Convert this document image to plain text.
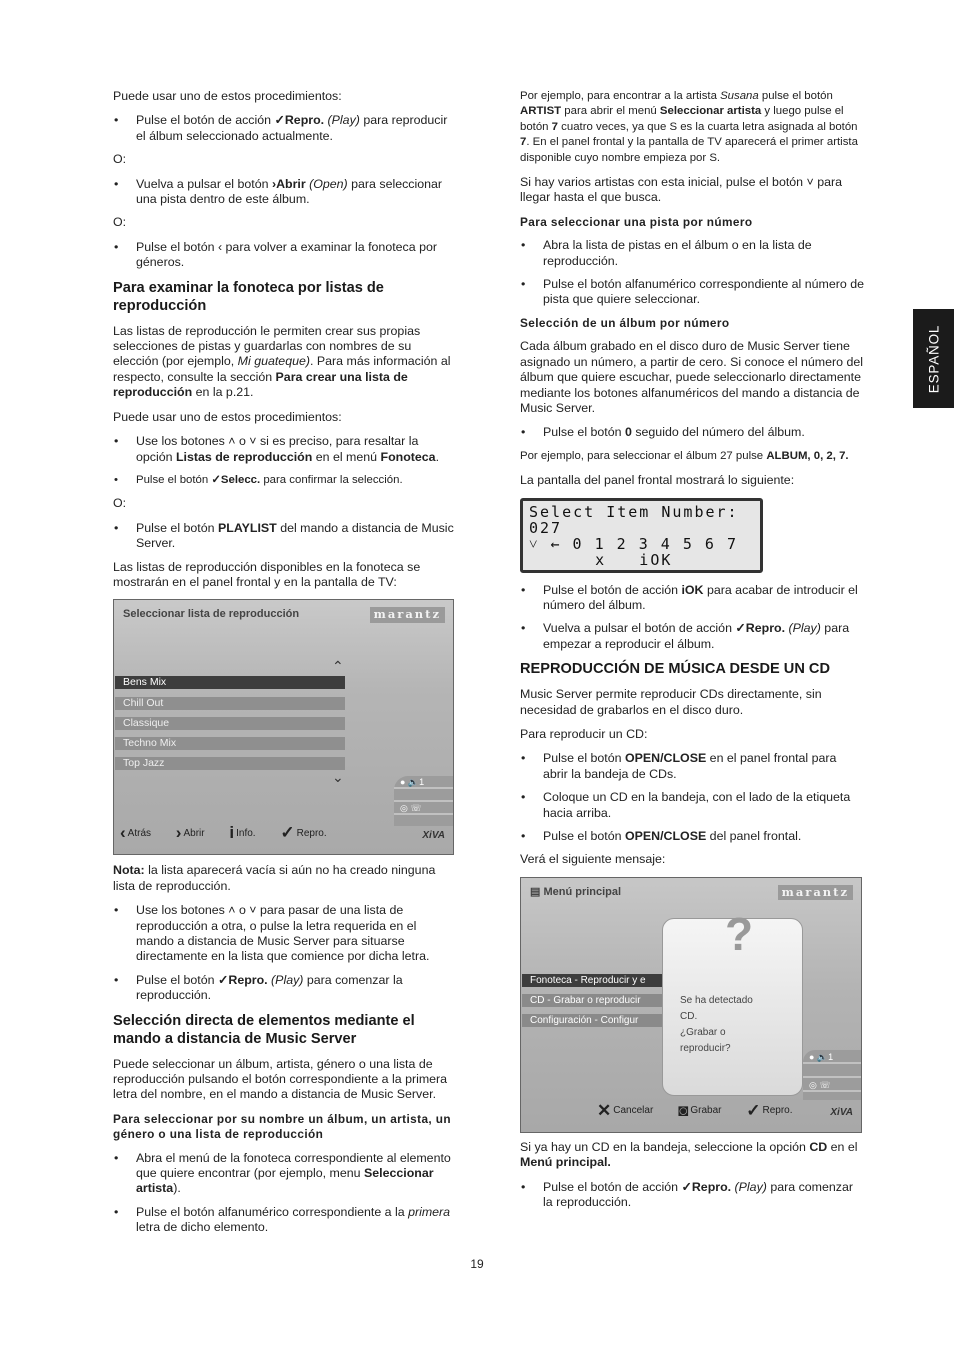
ESPAÑOL
Puede usar uno de estos procedimientos:
• Pulse el botón de acción ✓Repro. (Play) para reproducir el álbum seleccionado actualmente.
O:
• Vuelva a pulsar el botón ›Abrir (Open) para seleccionar una pista dentro de este álbum.
O:
• Pulse el botón ‹ para volver a examinar la fonoteca por géneros.
Para examinar la fonoteca por listas de reproducción
Las listas de reproducción le permiten crear sus propias selecciones de pistas y guardarlas con nombres de su elección (por ejemplo, Mi guateque). Para más información al respecto, consulte la sección Para crear una lista de reproducción en la p.21.
Puede usar uno de estos procedimientos:
• Use los botones ˄ o ˅ si es preciso, para resaltar la opción Listas de reproducción en el menú Fonoteca.
• Pulse el botón ✓Selecc. para confirmar la selección.
O:
• Pulse el botón PLAYLIST del mando a distancia de Music Server.
Las listas de reproducción disponibles en la fonoteca se mostrarán en el panel frontal y en la pantalla de TV:
Seleccionar lista de reproducción	marantz
⌃
Bens Mix
Chill Out
Classique
Techno Mix
Top Jazz
⌄	● 🔈1
◎ ☏
‹ Atrás › Abrir i Info. ✓ Repro.	XiVA
Nota: la lista aparecerá vacía si aún no ha creado ninguna lista de reproducción.
• Use los botones ˄ o ˅ para pasar de una lista de reproducción a otra, o pulse la letra requerida en el mando a distancia de Music Server para situarse directamente en la lista que comience por dicha letra.
• Pulse el botón ✓Repro. (Play) para comenzar la reproducción.
Selección directa de elementos mediante el mando a distancia de Music Server
Puede seleccionar un álbum, artista, género o una lista de reproducción pulsando el botón correspondiente a la primera letra del nombre, en el mando a distancia de Music Server.
Para seleccionar por su nombre un álbum, un artista, un género o una lista de reproducción
• Abra el menú de la fonoteca correspondiente al elemento que quiere encontrar (por ejemplo, menu Seleccionar artista).
• Pulse el botón alfanumérico correspondiente a la primera letra de dicho elemento.
Por ejemplo, para encontrar a la artista Susana pulse el botón ARTIST para abrir el menú Seleccionar artista y luego pulse el botón 7 cuatro veces, ya que S es la cuarta letra asignada al botón 7. En el panel frontal y la pantalla de TV aparecerá el primer artista disponible cuyo nombre empieza por S.
Si hay varios artistas con esta inicial, pulse el botón ˅ para llegar hasta el que busca.
Para seleccionar una pista por número
• Abra la lista de pistas en el álbum o en la lista de reproducción.
• Pulse el botón alfanumérico correspondiente al número de pista que quiere seleccionar.
Selección de un álbum por número
Cada álbum grabado en el disco duro de Music Server tiene asignado un número, a partir de cero. Si conoce el número del álbum que quiere escuchar, puede seleccionarlo directamente mediante los botones alfanuméricos del mando a distancia de Music Server.
• Pulse el botón 0 seguido del número del álbum.
Por ejemplo, para seleccionar el álbum 27 pulse ALBUM, 0, 2, 7.
La pantalla del panel frontal mostrará lo siguiente:
Select Item Number:
027
˅ ← 0 1 2 3 4 5 6 7
x   iOK
• Pulse el botón de acción iOK para acabar de introducir el número del álbum.
• Vuelva a pulsar el botón de acción ✓Repro. (Play) para empezar a reproducir el álbum.
REPRODUCCIÓN DE MÚSICA DESDE UN CD
Music Server permite reproducir CDs directamente, sin necesidad de grabarlos en el disco duro.
Para reproducir un CD:
• Pulse el botón OPEN/CLOSE en el panel frontal para abrir la bandeja de CDs.
• Coloque un CD en la bandeja, con el lado de la etiqueta hacia arriba.
• Pulse el botón OPEN/CLOSE del panel frontal.
Verá el siguiente mensaje:
▤ Menú principal	marantz
Fonoteca - Reproducir y e
CD - Grabar o reproducir
Configuración - Configur
?
Se ha detectado
CD.
¿Grabar o
reproducir?
● 🔈1
◎ ☏
✕ Cancelar ◙ Grabar ✓ Repro.	XiVA
Si ya hay un CD en la bandeja, seleccione la opción CD en el Menú principal.
• Pulse el botón de acción ✓Repro. (Play) para comenzar la reproducción.
19
